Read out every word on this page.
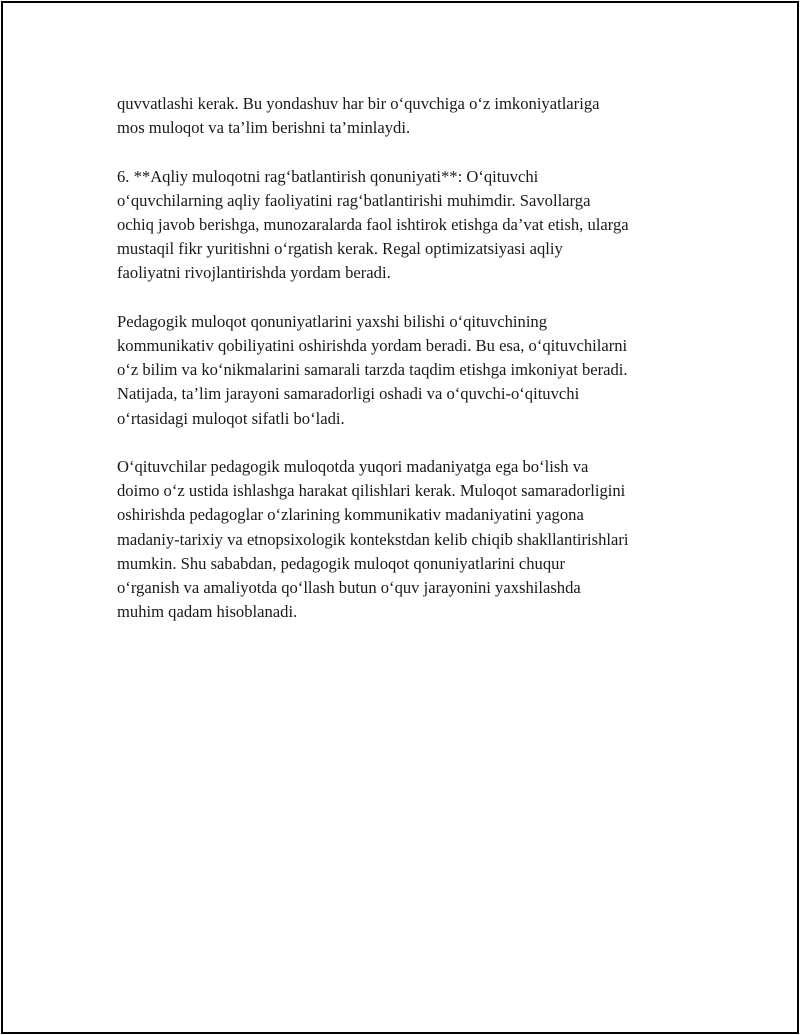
quvvatlashi kerak. Bu yondashuv har bir o‘quvchiga o‘z imkoniyatlariga
mos muloqot va ta’lim berishni ta’minlaydi.

6. **Aqliy muloqotni rag‘batlantirish qonuniyati**: O‘qituvchi
o‘quvchilarning aqliy faoliyatini rag‘batlantirishi muhimdir. Savollarga
ochiq javob berishga, munozaralarda faol ishtirok etishga da’vat etish, ularga
mustaqil fikr yuritishni o‘rgatish kerak. Regal optimizatsiyasi aqliy
faoliyatni rivojlantirishda yordam beradi.

Pedagogik muloqot qonuniyatlarini yaxshi bilishi o‘qituvchining
kommunikativ qobiliyatini oshirishda yordam beradi. Bu esa, o‘qituvchilarni
o‘z bilim va ko‘nikmalarini samarali tarzda taqdim etishga imkoniyat beradi.
Natijada, ta’lim jarayoni samaradorligi oshadi va o‘quvchi-o‘qituvchi
o‘rtasidagi muloqot sifatli bo‘ladi.

O‘qituvchilar pedagogik muloqotda yuqori madaniyatga ega bo‘lish va
doimo o‘z ustida ishlashga harakat qilishlari kerak. Muloqot samaradorligini
oshirishda pedagoglar o‘zlarining kommunikativ madaniyatini yagona
madaniy-tarixiy va etnopsixologik kontekstdan kelib chiqib shakllantirishlari
mumkin. Shu sababdan, pedagogik muloqot qonuniyatlarini chuqur
o‘rganish va amaliyotda qo‘llash butun o‘quv jarayonini yaxshilashda
muhim qadam hisoblanadi.
